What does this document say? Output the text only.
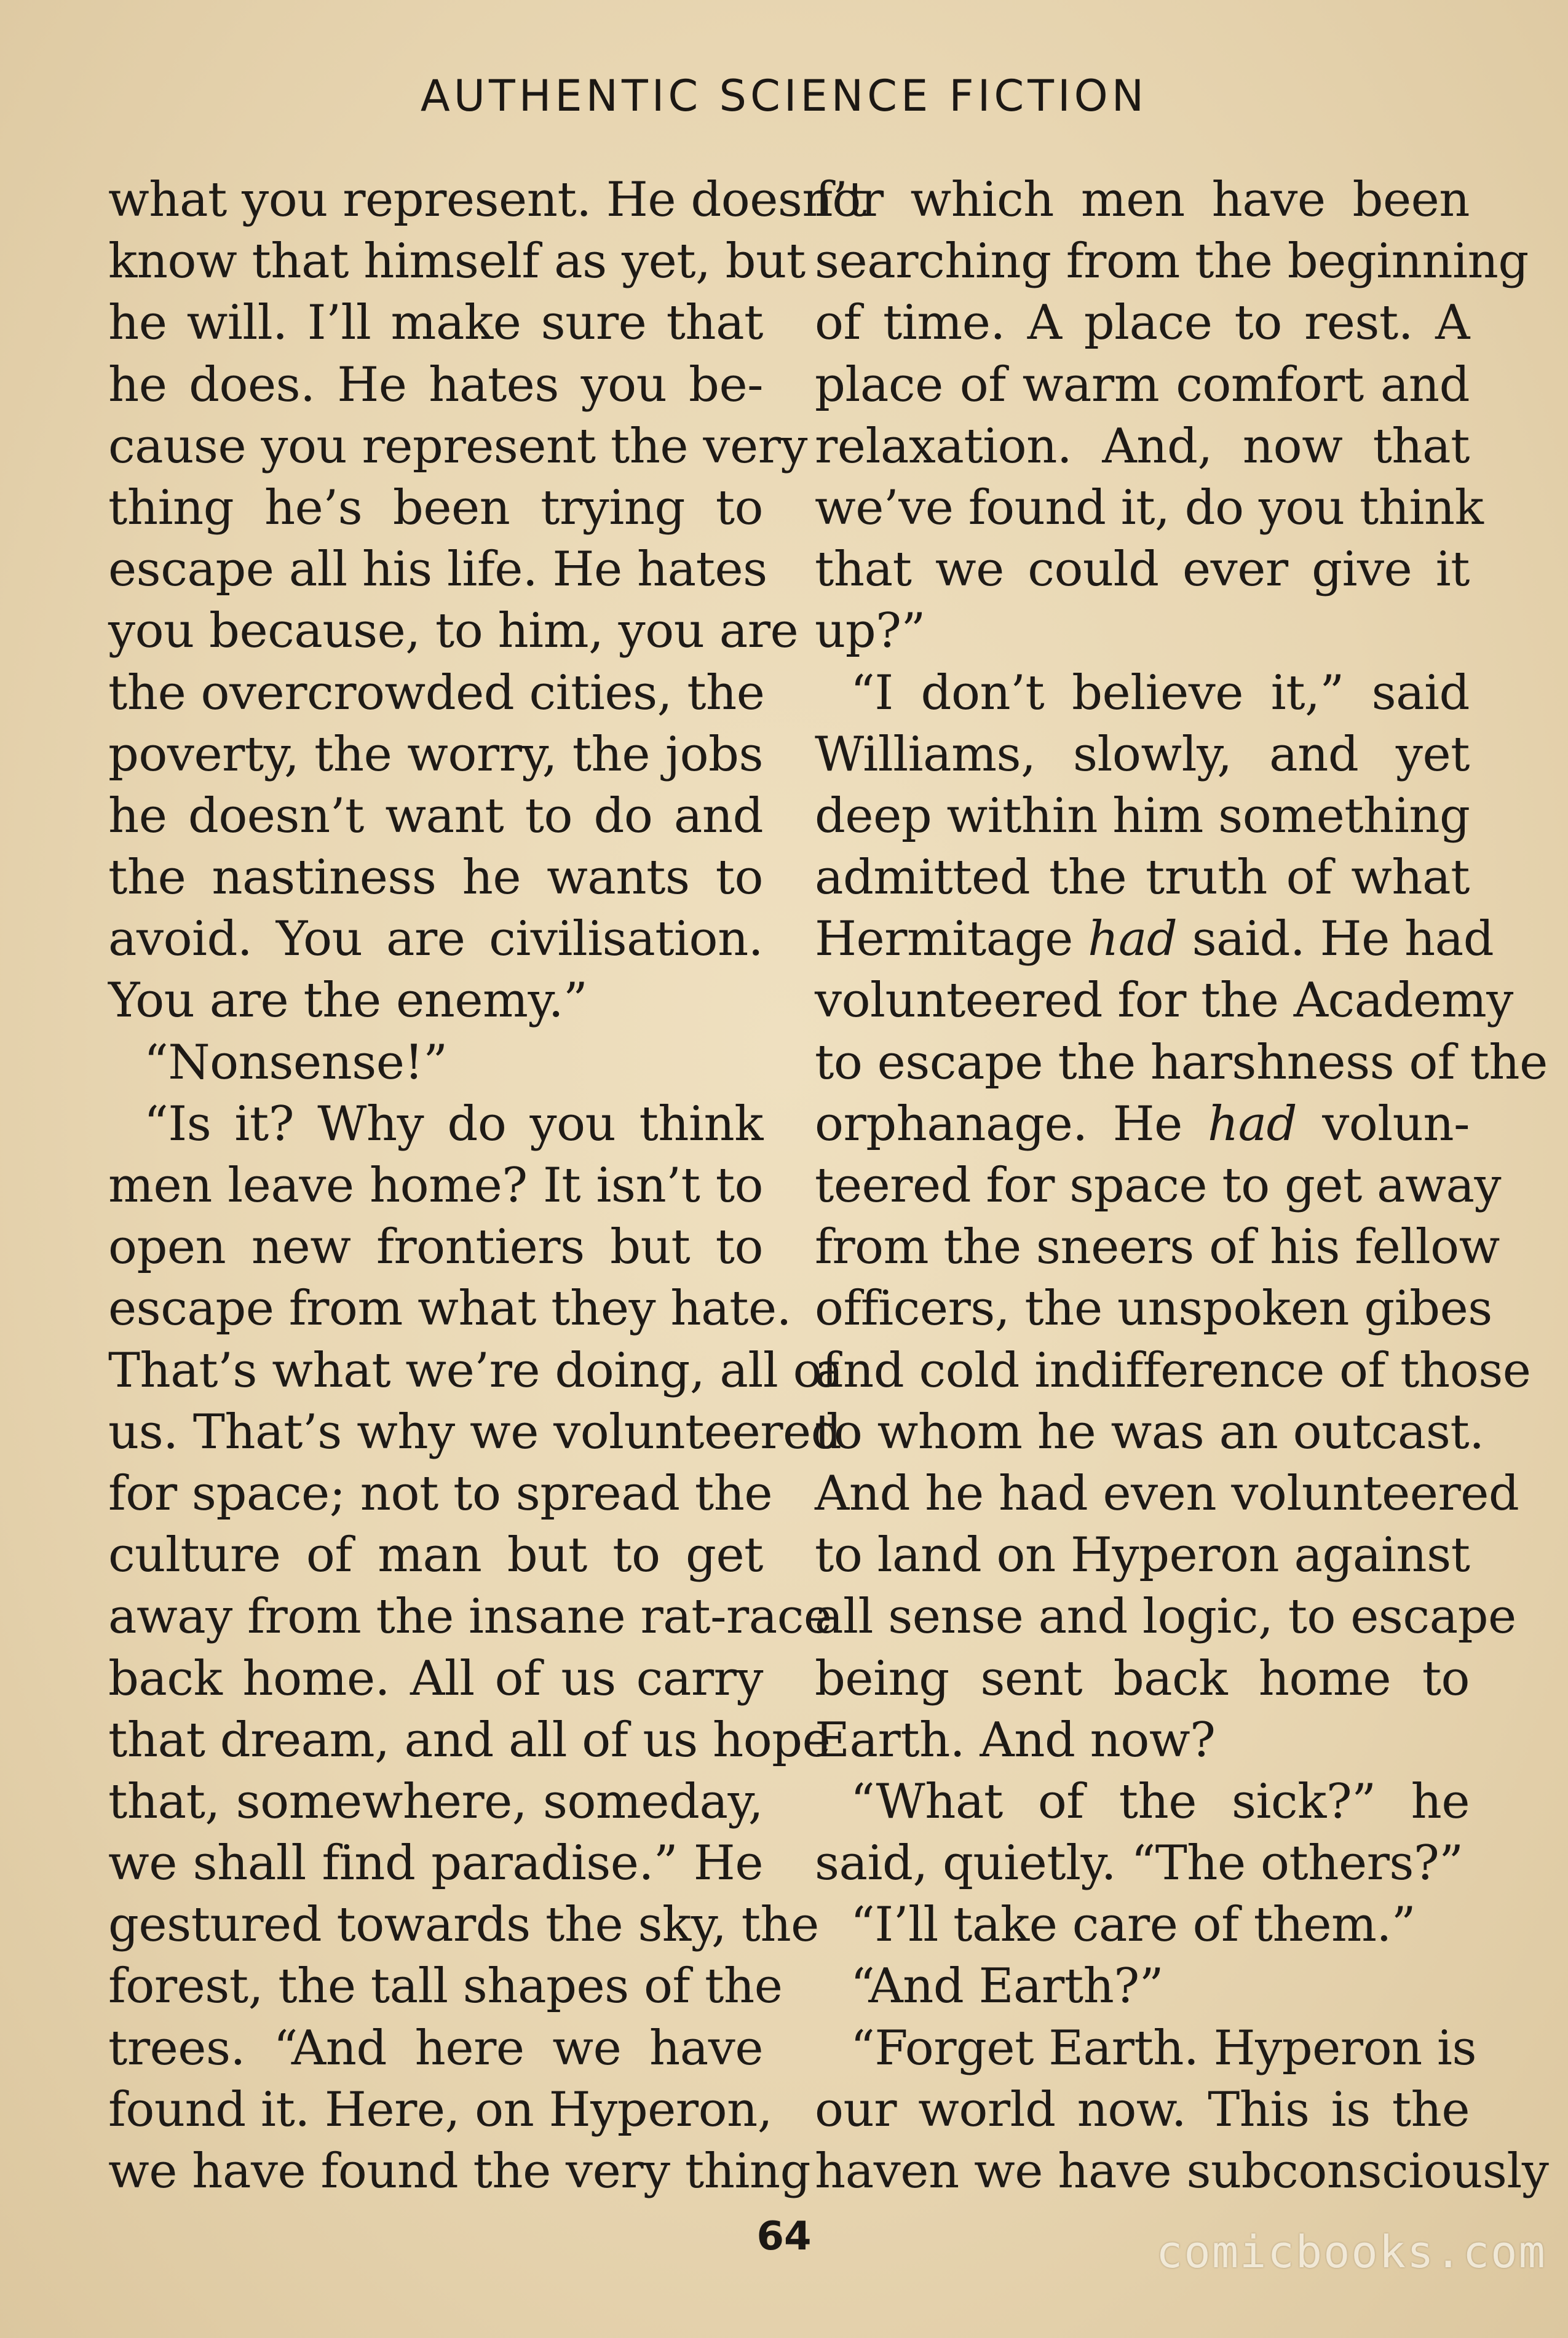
AUTHENTIC SCIENCE FICTION
what you represent. He doesn’t
know that himself as yet, but
he will. I’ll make sure that
he does. He hates you be-
cause you represent the very
thing he’s been trying to
escape all his life. He hates
you because, to him, you are
the overcrowded cities, the
poverty, the worry, the jobs
he doesn’t want to do and
the nastiness he wants to
avoid. You are civilisation.
You are the enemy.”
“Nonsense!”
“Is it? Why do you think
men leave home? It isn’t to
open new frontiers but to
escape from what they hate.
That’s what we’re doing, all of
us. That’s why we volunteered
for space; not to spread the
culture of man but to get
away from the insane rat-race
back home. All of us carry
that dream, and all of us hope
that, somewhere, someday,
we shall find paradise.” He
gestured towards the sky, the
forest, the tall shapes of the
trees. “And here we have
found it. Here, on Hyperon,
we have found the very thing
for which men have been
searching from the beginning
of time. A place to rest. A
place of warm comfort and
relaxation. And, now that
we’ve found it, do you think
that we could ever give it
up?”
“I don’t believe it,” said
Williams, slowly, and yet
deep within him something
admitted the truth of what
Hermitage had said. He had
volunteered for the Academy
to escape the harshness of the
orphanage. He had volun-
teered for space to get away
from the sneers of his fellow
officers, the unspoken gibes
and cold indifference of those
to whom he was an outcast.
And he had even volunteered
to land on Hyperon against
all sense and logic, to escape
being sent back home to
Earth. And now?
“What of the sick?” he
said, quietly. “The others?”
“I’ll take care of them.”
“And Earth?”
“Forget Earth. Hyperon is
our world now. This is the
haven we have subconsciously
64	comicbooks.com
